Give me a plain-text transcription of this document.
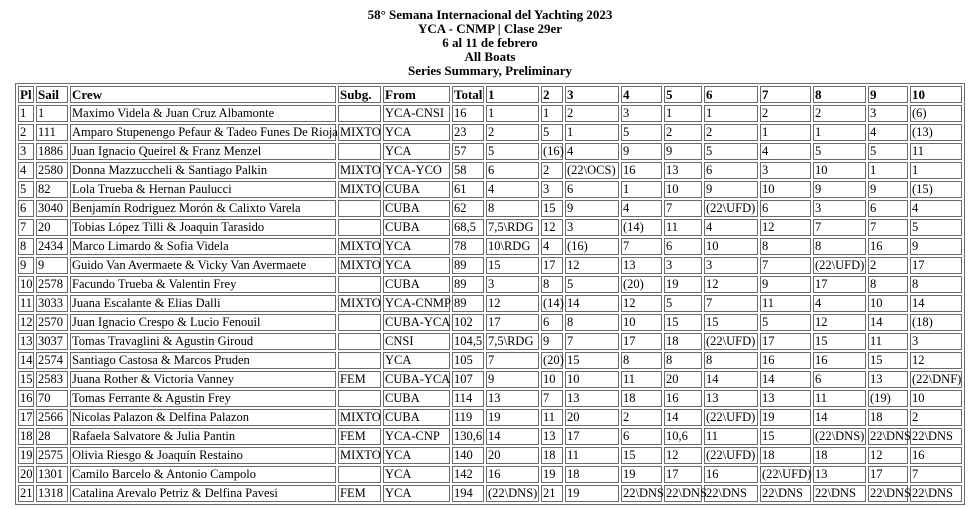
58° Semana Internacional del Yachting 2023
YCA - CNMP | Clase 29er
6 al 11 de febrero
All Boats
Series Summary, Preliminary
Pl	Sail	Crew	Subg.	From	Total	1	2	3	4	5	6	7	8	9	10
1	1	Maximo Videla & Juan Cruz Albamonte		YCA-CNSI	16	1	1	2	3	1	1	2	2	3	(6)
2	111	Amparo Stupenengo Pefaur & Tadeo Funes De Rioja	MIXTO	YCA	23	2	5	1	5	2	2	1	1	4	(13)
3	1886	Juan Ignacio Queirel & Franz Menzel		YCA	57	5	(16)	4	9	9	5	4	5	5	11
4	2580	Donna Mazzuccheli & Santiago Palkin	MIXTO	YCA-YCO	58	6	2	(22\OCS)	16	13	6	3	10	1	1
5	82	Lola Trueba & Hernan Paulucci	MIXTO	CUBA	61	4	3	6	1	10	9	10	9	9	(15)
6	3040	Benjamín Rodriguez Morón & Calixto Varela		CUBA	62	8	15	9	4	7	(22\UFD)	6	3	6	4
7	20	Tobias López Tilli & Joaquin Tarasido		CUBA	68,5	7,5\RDG	12	3	(14)	11	4	12	7	7	5
8	2434	Marco Limardo & Sofia Videla	MIXTO	YCA	78	10\RDG	4	(16)	7	6	10	8	8	16	9
9	9	Guido Van Avermaete & Vicky Van Avermaete	MIXTO	YCA	89	15	17	12	13	3	3	7	(22\UFD)	2	17
10	2578	Facundo Trueba & Valentin Frey		CUBA	89	3	8	5	(20)	19	12	9	17	8	8
11	3033	Juana Escalante & Elias Dalli	MIXTO	YCA-CNMP	89	12	(14)	14	12	5	7	11	4	10	14
12	2570	Juan Ignacio Crespo & Lucio Fenouil		CUBA-YCA	102	17	6	8	10	15	15	5	12	14	(18)
13	3037	Tomas Travaglini & Agustin Giroud		CNSI	104,5	7,5\RDG	9	7	17	18	(22\UFD)	17	15	11	3
14	2574	Santiago Castosa & Marcos Pruden		YCA	105	7	(20)	15	8	8	8	16	16	15	12
15	2583	Juana Rother & Victoria Vanney	FEM	CUBA-YCA	107	9	10	10	11	20	14	14	6	13	(22\DNF)
16	70	Tomas Ferrante & Agustin Frey		CUBA	114	13	7	13	18	16	13	13	11	(19)	10
17	2566	Nicolas Palazon & Delfina Palazon	MIXTO	CUBA	119	19	11	20	2	14	(22\UFD)	19	14	18	2
18	28	Rafaela Salvatore & Julia Pantin	FEM	YCA-CNP	130,6	14	13	17	6	10,6	11	15	(22\DNS)	22\DNS	22\DNS
19	2575	Olivia Riesgo & Joaquín Restaino	MIXTO	YCA	140	20	18	11	15	12	(22\UFD)	18	18	12	16
20	1301	Camilo Barcelo & Antonio Campolo		YCA	142	16	19	18	19	17	16	(22\UFD)	13	17	7
21	1318	Catalina Arevalo Petriz & Delfina Pavesi	FEM	YCA	194	(22\DNS)	21	19	22\DNS	22\DNS	22\DNS	22\DNS	22\DNS	22\DNS	22\DNS
